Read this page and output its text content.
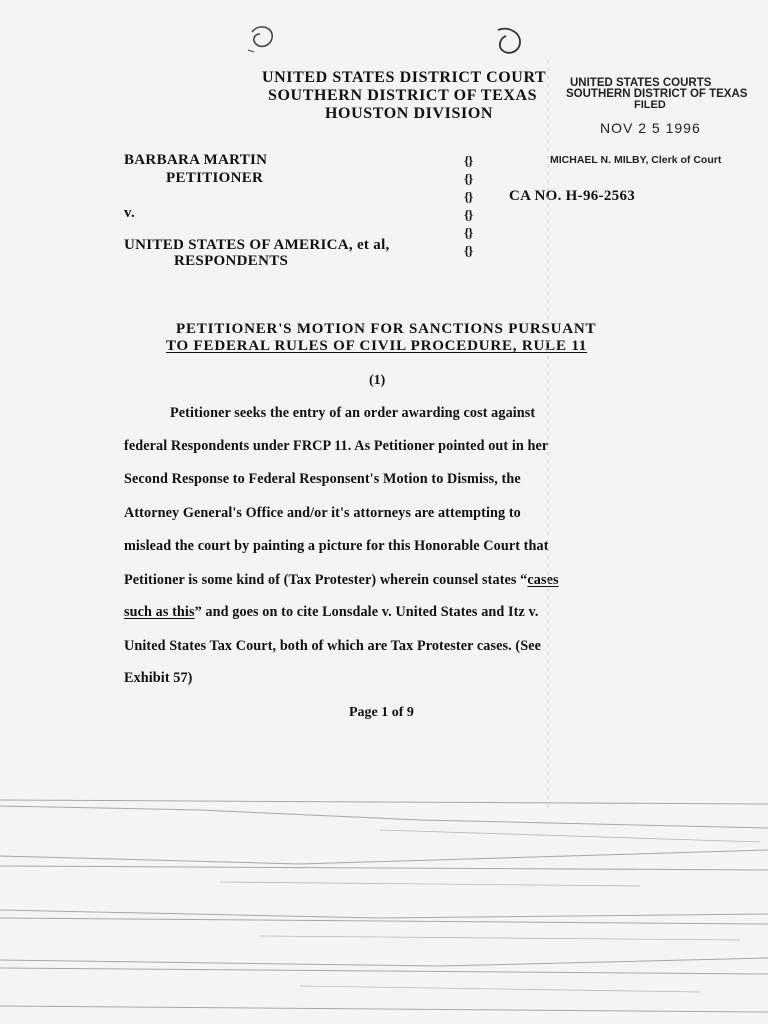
UNITED STATES DISTRICT COURT
SOUTHERN DISTRICT OF TEXAS
HOUSTON DIVISION
UNITED STATES COURTS
SOUTHERN DISTRICT OF TEXAS
FILED
NOV 2 5 1996
MICHAEL N. MILBY, Clerk of Court
BARBARA MARTIN
PETITIONER
v.
UNITED STATES OF AMERICA, et al,
RESPONDENTS
{}
{}
{}
{}
{}
{}
CA NO. H-96-2563
PETITIONER'S MOTION FOR SANCTIONS PURSUANT
TO FEDERAL RULES OF CIVIL PROCEDURE, RULE 11
(1)
Petitioner seeks the entry of an order awarding cost against
federal Respondents under FRCP 11. As Petitioner pointed out in her
Second Response to Federal Responsent's Motion to Dismiss, the
Attorney General's Office and/or it's attorneys are attempting to
mislead the court by painting a picture for this Honorable Court that
Petitioner is some kind of (Tax Protester) wherein counsel states “cases
such as this” and goes on to cite Lonsdale v. United States and Itz v.
United States Tax Court, both of which are Tax Protester cases. (See
Exhibit 57)
Page 1 of 9
